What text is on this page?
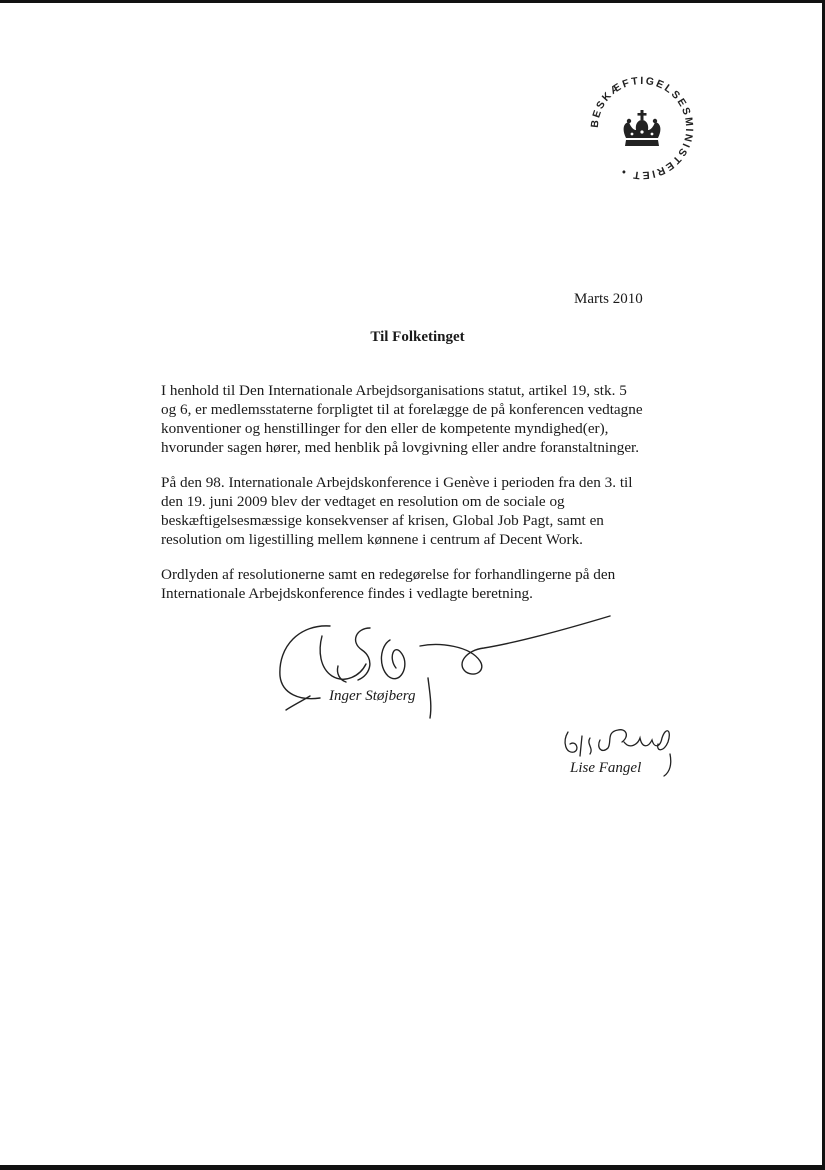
BESKÆFTIGELSESMINISTERIET •
Marts 2010
Til Folketinget
I henhold til Den Internationale Arbejdsorganisations statut, artikel 19, stk. 5
og 6, er medlemsstaterne forpligtet til at forelægge de på konferencen vedtagne
konventioner og henstillinger for den eller de kompetente myndighed(er),
hvorunder sagen hører, med henblik på lovgivning eller andre foranstaltninger.
På den 98. Internationale Arbejdskonference i Genève i perioden fra den 3. til
den 19. juni 2009 blev der vedtaget en resolution om de sociale og
beskæftigelsesmæssige konsekvenser af krisen, Global Job Pagt, samt en
resolution om ligestilling mellem kønnene i centrum af Decent Work.
Ordlyden af resolutionerne samt en redegørelse for forhandlingerne på den
Internationale Arbejdskonference findes i vedlagte beretning.
Inger Støjberg
Lise Fangel
